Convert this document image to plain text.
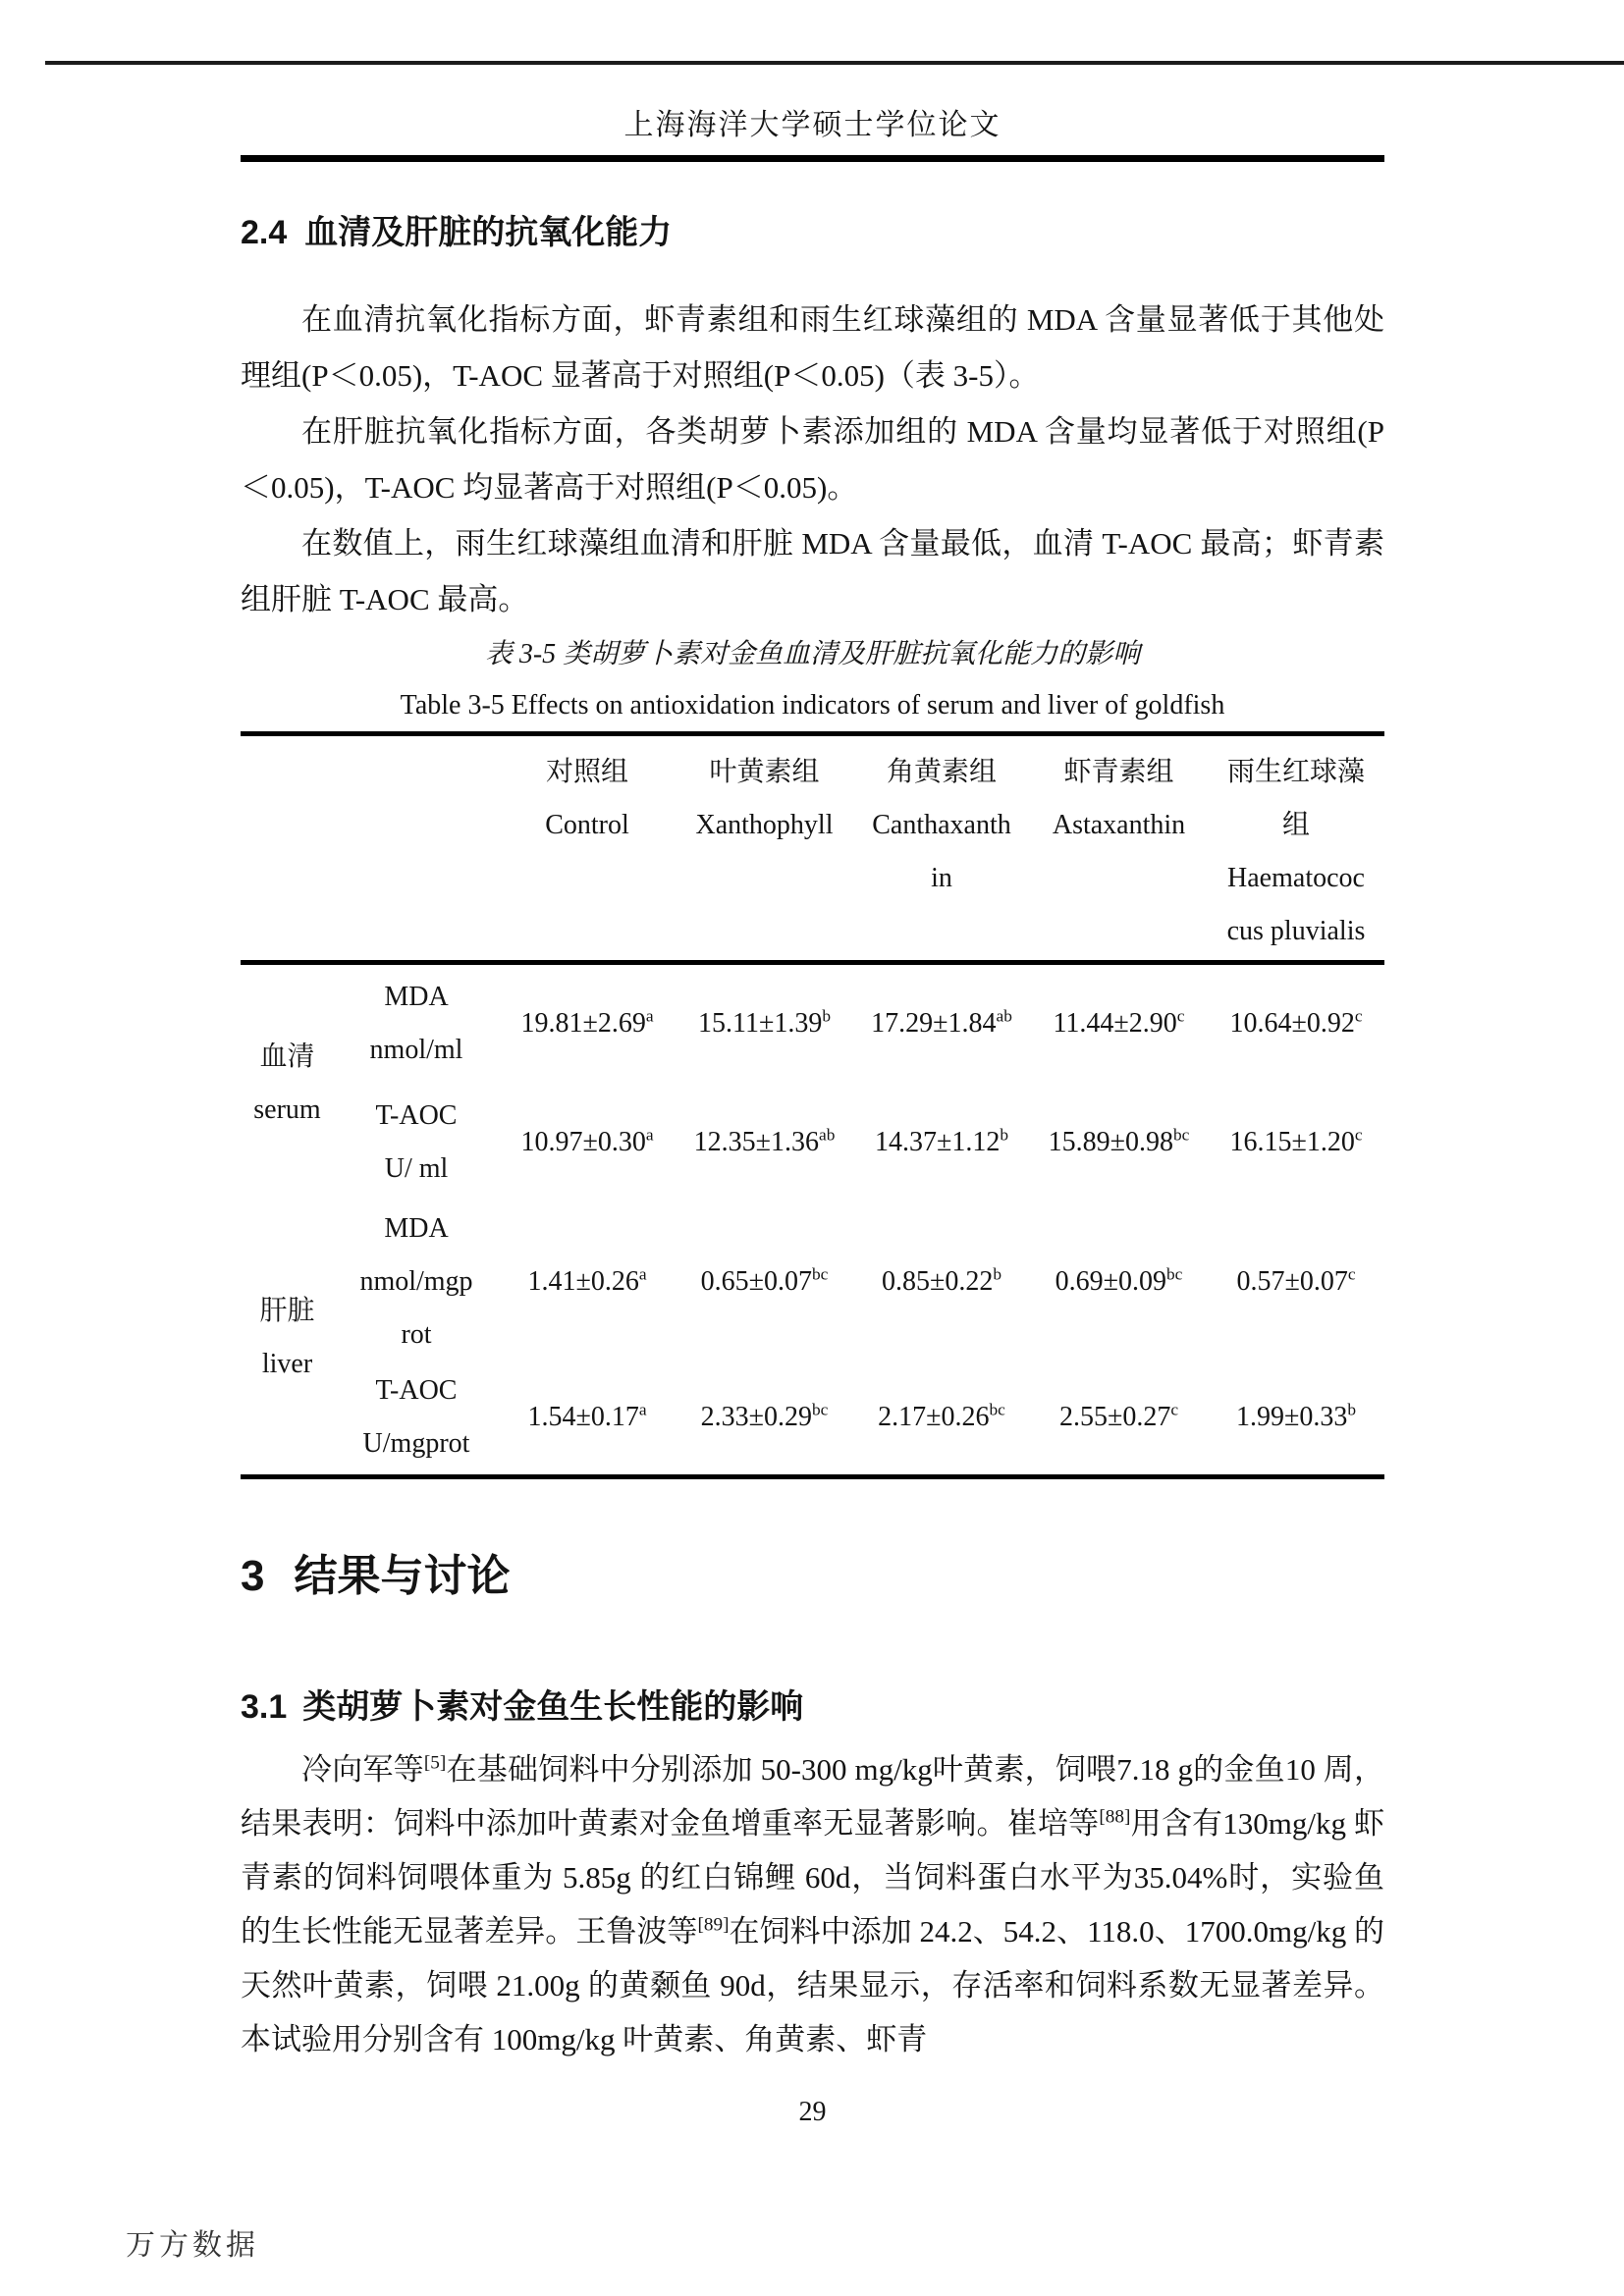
上海海洋大学硕士学位论文
2.4 血清及肝脏的抗氧化能力

在血清抗氧化指标方面，虾青素组和雨生红球藻组的 MDA 含量显著低于其他处理组(P＜0.05)，T-AOC 显著高于对照组(P＜0.05)（表 3-5）。

在肝脏抗氧化指标方面，各类胡萝卜素添加组的 MDA 含量均显著低于对照组(P＜0.05)，T-AOC 均显著高于对照组(P＜0.05)。

在数值上，雨生红球藻组血清和肝脏 MDA 含量最低，血清 T-AOC 最高；虾青素组肝脏 T-AOC 最高。

表 3-5 类胡萝卜素对金鱼血清及肝脏抗氧化能力的影响
Table 3-5 Effects on antioxidation indicators of serum and liver of goldfish

对照组
Control

叶黄素组
Xanthophyll

角黄素组
Canthaxanth
in

虾青素组
Astaxanthin

雨生红球藻
组
Haematococ
cus pluvialis

血清
serum

MDA
nmol/ml
	19.81±2.69$^a$	15.11±1.39$^b$	17.29±1.84$^{ab}$	11.44±2.90$^c$	10.64±0.92$^c$

	T-AOC
U/ ml	10.97±0.30$^a$	12.35±1.36$^{ab}$	14.37±1.12$^b$	15.89±0.98$^{bc}$	16.15±1.20$^c$

肝脏
liver

MDA
nmol/mgp
rot
	1.41±0.26$^a$	0.65±0.07$^{bc}$	0.85±0.22$^b$	0.69±0.09$^{bc}$	0.57±0.07$^c$

	T-AOC
U/mgprot	1.54±0.17$^a$	2.33±0.29$^{bc}$	2.17±0.26$^{bc}$	2.55±0.27$^c$	1.99±0.33$^b$
3 结果与讨论
3.1 类胡萝卜素对金鱼生长性能的影响

冷向军等[5]在基础饲料中分别添加 50-300 mg/kg叶黄素，饲喂7.18 g的金鱼10 周，结果表明：饲料中添加叶黄素对金鱼增重率无显著影响。崔培等[88]用含有130mg/kg 虾青素的饲料饲喂体重为 5.85g 的红白锦鲤 60d，当饲料蛋白水平为35.04%时，实验鱼的生长性能无显著差异。王鲁波等[89]在饲料中添加 24.2、54.2、118.0、1700.0mg/kg 的天然叶黄素，饲喂 21.00g 的黄颡鱼 90d，结果显示，存活率和饲料系数无显著差异。本试验用分别含有 100mg/kg 叶黄素、角黄素、虾青

29
万方数据
